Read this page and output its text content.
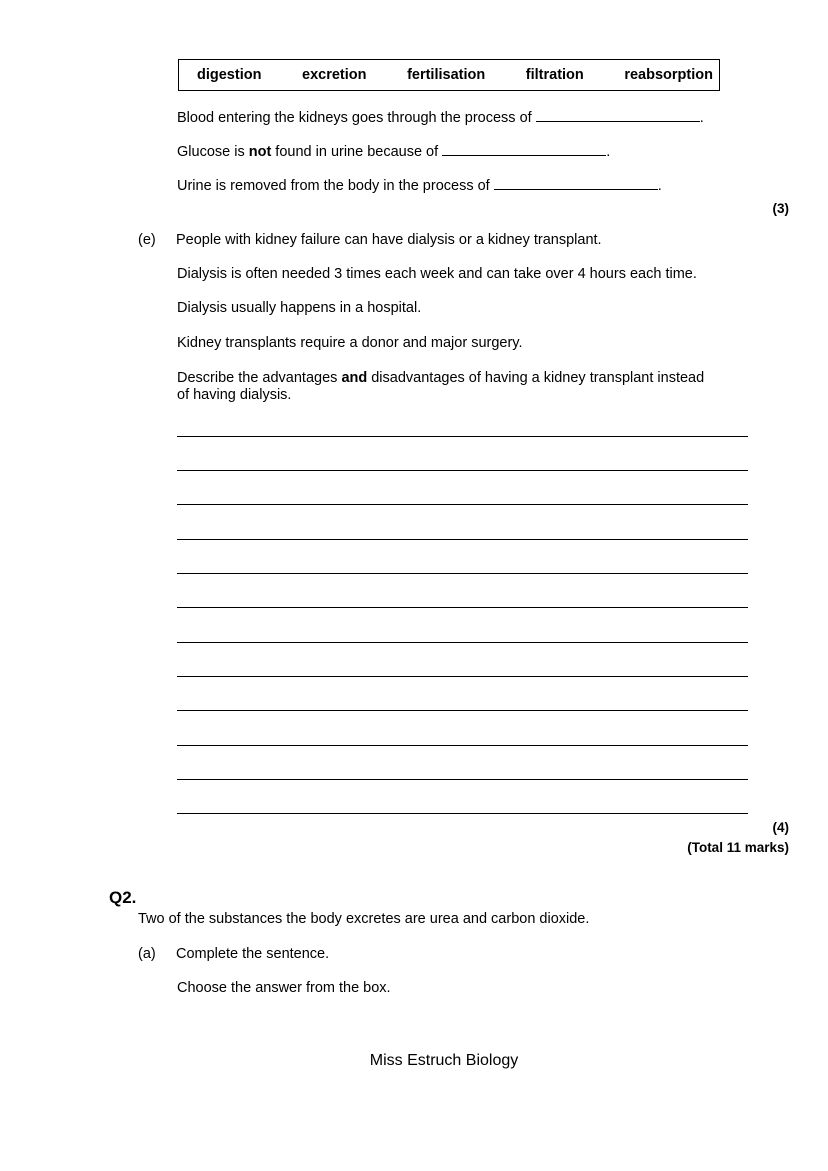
digestion	excretion	fertilisation	filtration	reabsorption
Blood entering the kidneys goes through the process of	.
Glucose is not found in urine because of	.
Urine is removed from the body in the process of	.
(3)
(e) People with kidney failure can have dialysis or a kidney transplant.
Dialysis is often needed 3 times each week and can take over 4 hours each time.
Dialysis usually happens in a hospital.
Kidney transplants require a donor and major surgery.
Describe the advantages and disadvantages of having a kidney transplant instead
of having dialysis.
(4)
(Total 11 marks)
Q2.
Two of the substances the body excretes are urea and carbon dioxide.
(a) Complete the sentence.
Choose the answer from the box.
Miss Estruch Biology
